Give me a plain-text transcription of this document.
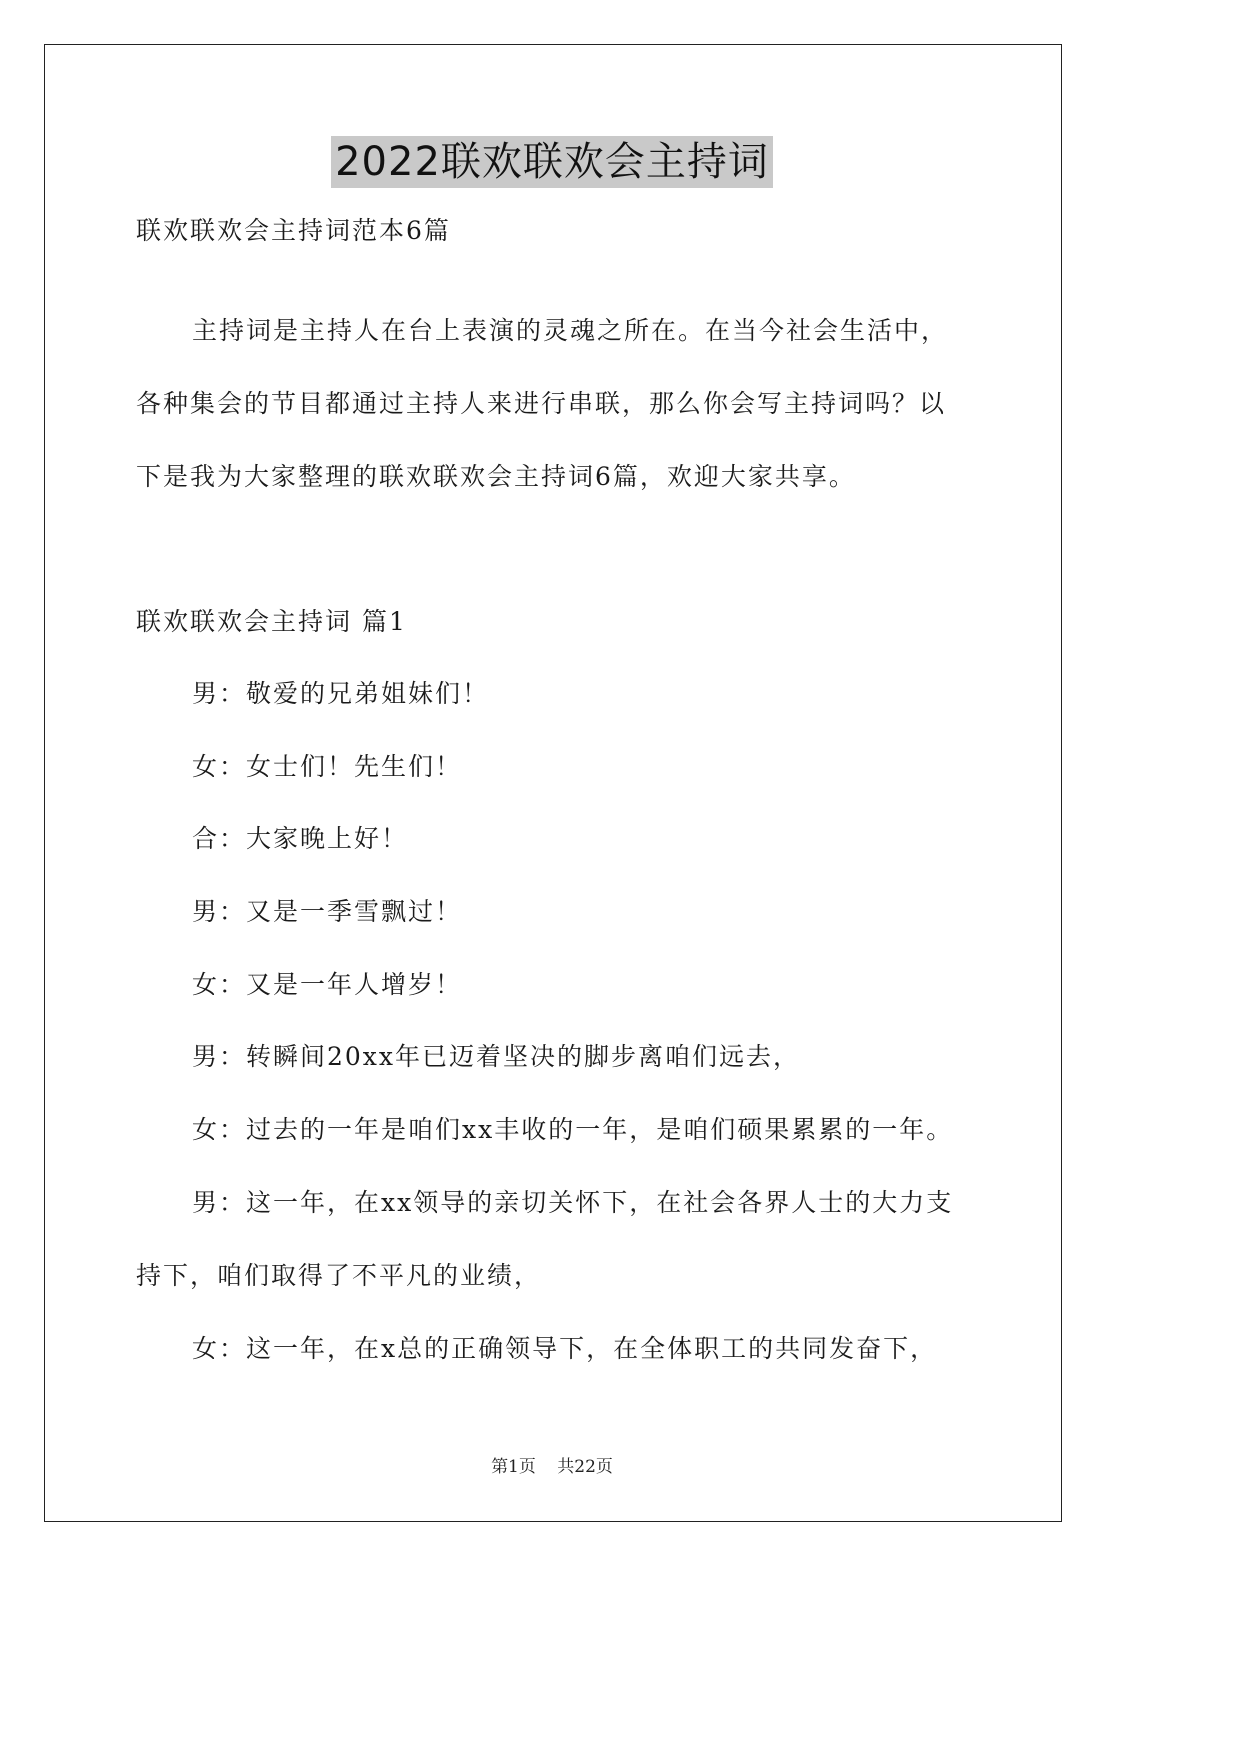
2022联欢联欢会主持词
联欢联欢会主持词范本6篇
主持词是主持人在台上表演的灵魂之所在。在当今社会生活中，
各种集会的节目都通过主持人来进行串联，那么你会写主持词吗？以
下是我为大家整理的联欢联欢会主持词6篇，欢迎大家共享。
联欢联欢会主持词 篇1
男：敬爱的兄弟姐妹们！
女：女士们！先生们！
合：大家晚上好！
男：又是一季雪飘过！
女：又是一年人增岁！
男：转瞬间20xx年已迈着坚决的脚步离咱们远去，
女：过去的一年是咱们xx丰收的一年，是咱们硕果累累的一年。
男：这一年，在xx领导的亲切关怀下，在社会各界人士的大力支
持下，咱们取得了不平凡的业绩，
女：这一年，在x总的正确领导下，在全体职工的共同发奋下，
第1页 共22页
